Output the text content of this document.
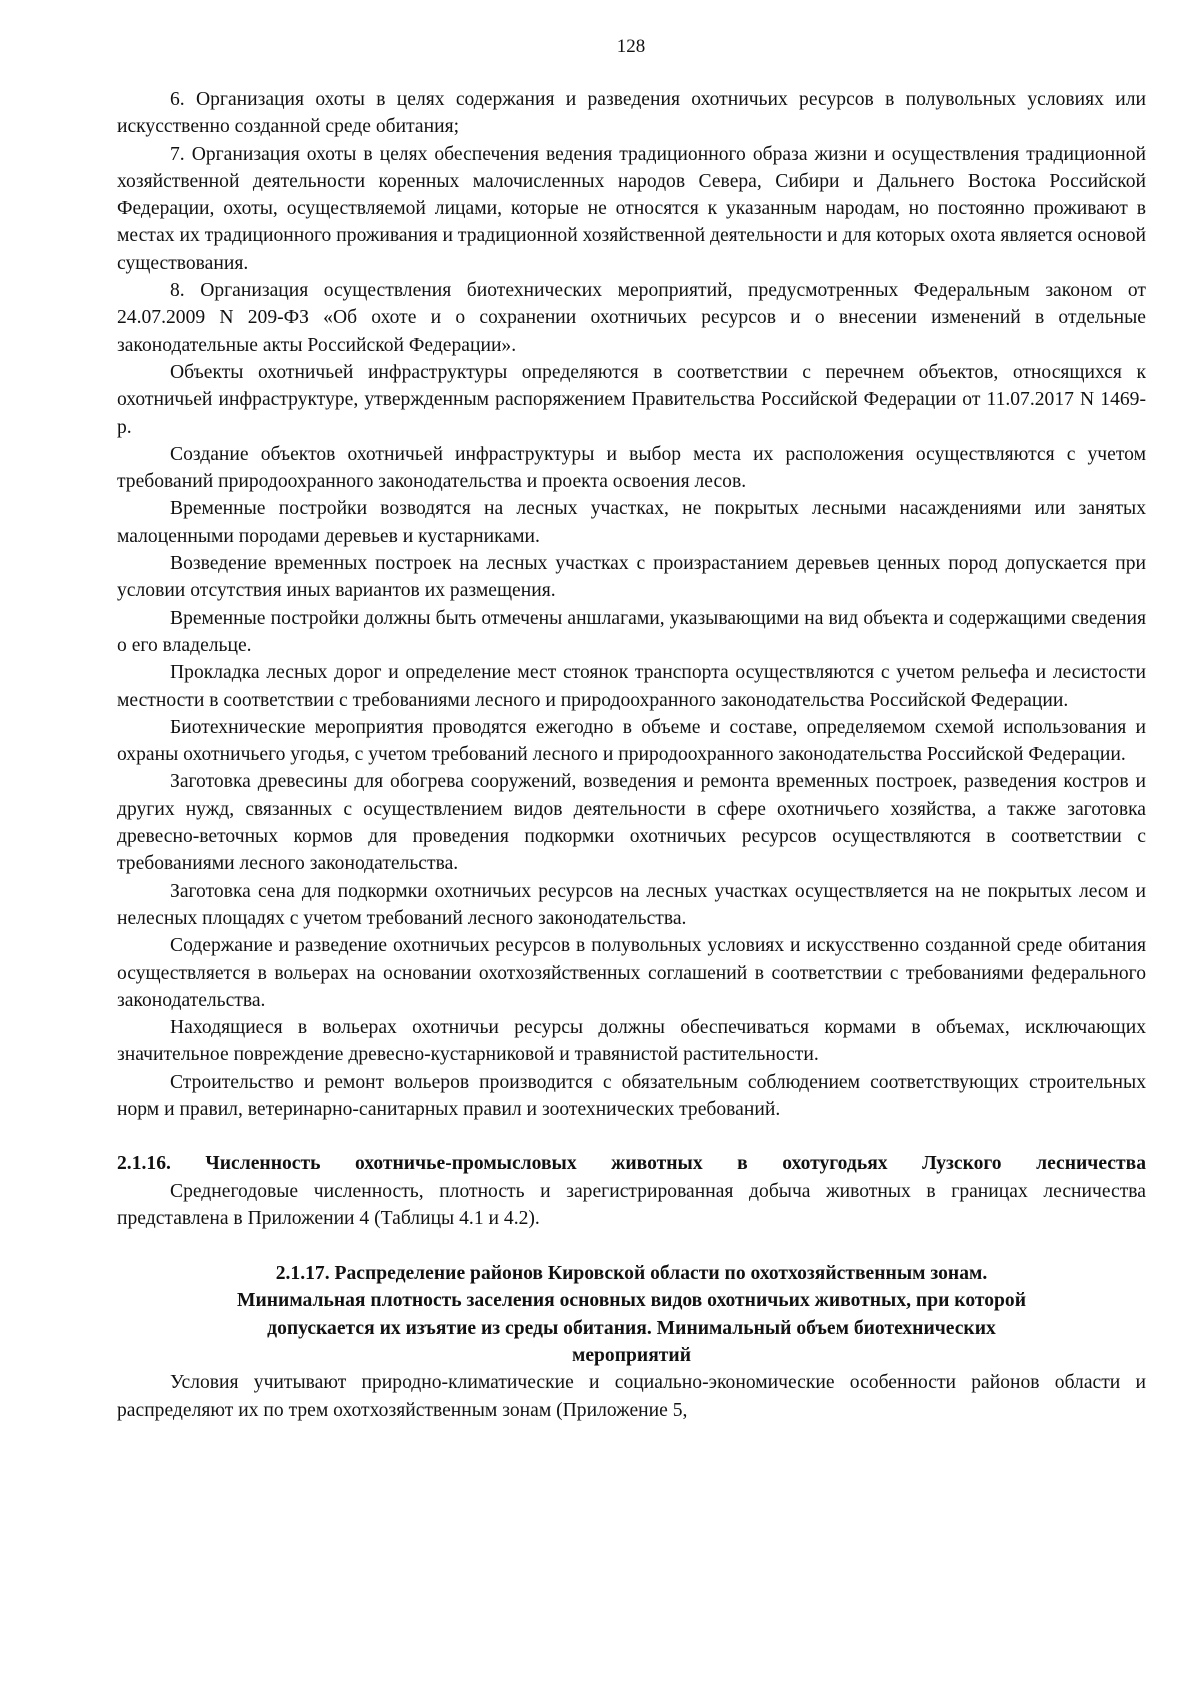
128

6. Организация охоты в целях содержания и разведения охотничьих ресурсов в полувольных условиях или искусственно созданной среде обитания;

7. Организация охоты в целях обеспечения ведения традиционного образа жизни и осуществления традиционной хозяйственной деятельности коренных малочисленных народов Севера, Сибири и Дальнего Востока Российской Федерации, охоты, осуществляемой лицами, которые не относятся к указанным народам, но постоянно проживают в местах их традиционного проживания и традиционной хозяйственной деятельности и для которых охота является основой существования.

8. Организация осуществления биотехнических мероприятий, предусмотренных Федеральным законом от 24.07.2009 N 209-ФЗ «Об охоте и о сохранении охотничьих ресурсов и о внесении изменений в отдельные законодательные акты Российской Федерации».

Объекты охотничьей инфраструктуры определяются в соответствии с перечнем объектов, относящихся к охотничьей инфраструктуре, утвержденным распоряжением Правительства Российской Федерации от 11.07.2017 N 1469-р.

Создание объектов охотничьей инфраструктуры и выбор места их расположения осуществляются с учетом требований природоохранного законодательства и проекта освоения лесов.

Временные постройки возводятся на лесных участках, не покрытых лесными насаждениями или занятых малоценными породами деревьев и кустарниками.

Возведение временных построек на лесных участках с произрастанием деревьев ценных пород допускается при условии отсутствия иных вариантов их размещения.

Временные постройки должны быть отмечены аншлагами, указывающими на вид объекта и содержащими сведения о его владельце.

Прокладка лесных дорог и определение мест стоянок транспорта осуществляются с учетом рельефа и лесистости местности в соответствии с требованиями лесного и природоохранного законодательства Российской Федерации.

Биотехнические мероприятия проводятся ежегодно в объеме и составе, определяемом схемой использования и охраны охотничьего угодья, с учетом требований лесного и природоохранного законодательства Российской Федерации.

Заготовка древесины для обогрева сооружений, возведения и ремонта временных построек, разведения костров и других нужд, связанных с осуществлением видов деятельности в сфере охотничьего хозяйства, а также заготовка древесно-веточных кормов для проведения подкормки охотничьих ресурсов осуществляются в соответствии с требованиями лесного законодательства.

Заготовка сена для подкормки охотничьих ресурсов на лесных участках осуществляется на не покрытых лесом и нелесных площадях с учетом требований лесного законодательства.

Содержание и разведение охотничьих ресурсов в полувольных условиях и искусственно созданной среде обитания осуществляется в вольерах на основании охотхозяйственных соглашений в соответствии с требованиями федерального законодательства.

Находящиеся в вольерах охотничьи ресурсы должны обеспечиваться кормами в объемах, исключающих значительное повреждение древесно-кустарниковой и травянистой растительности.

Строительство и ремонт вольеров производится с обязательным соблюдением соответствующих строительных норм и правил, ветеринарно-санитарных правил и зоотехнических требований.

2.1.16. Численность охотничье-промысловых животных в охотугодьях Лузского лесничества

Среднегодовые численность, плотность и зарегистрированная добыча животных в границах лесничества представлена в Приложении 4 (Таблицы 4.1 и 4.2).

2.1.17. Распределение районов Кировской области по охотхозяйственным зонам.

Минимальная плотность заселения основных видов охотничьих животных, при которой

допускается их изъятие из среды обитания. Минимальный объем биотехнических

мероприятий

Условия учитывают природно-климатические и социально-экономические особенности районов области и распределяют их по трем охотхозяйственным зонам (Приложение 5,
